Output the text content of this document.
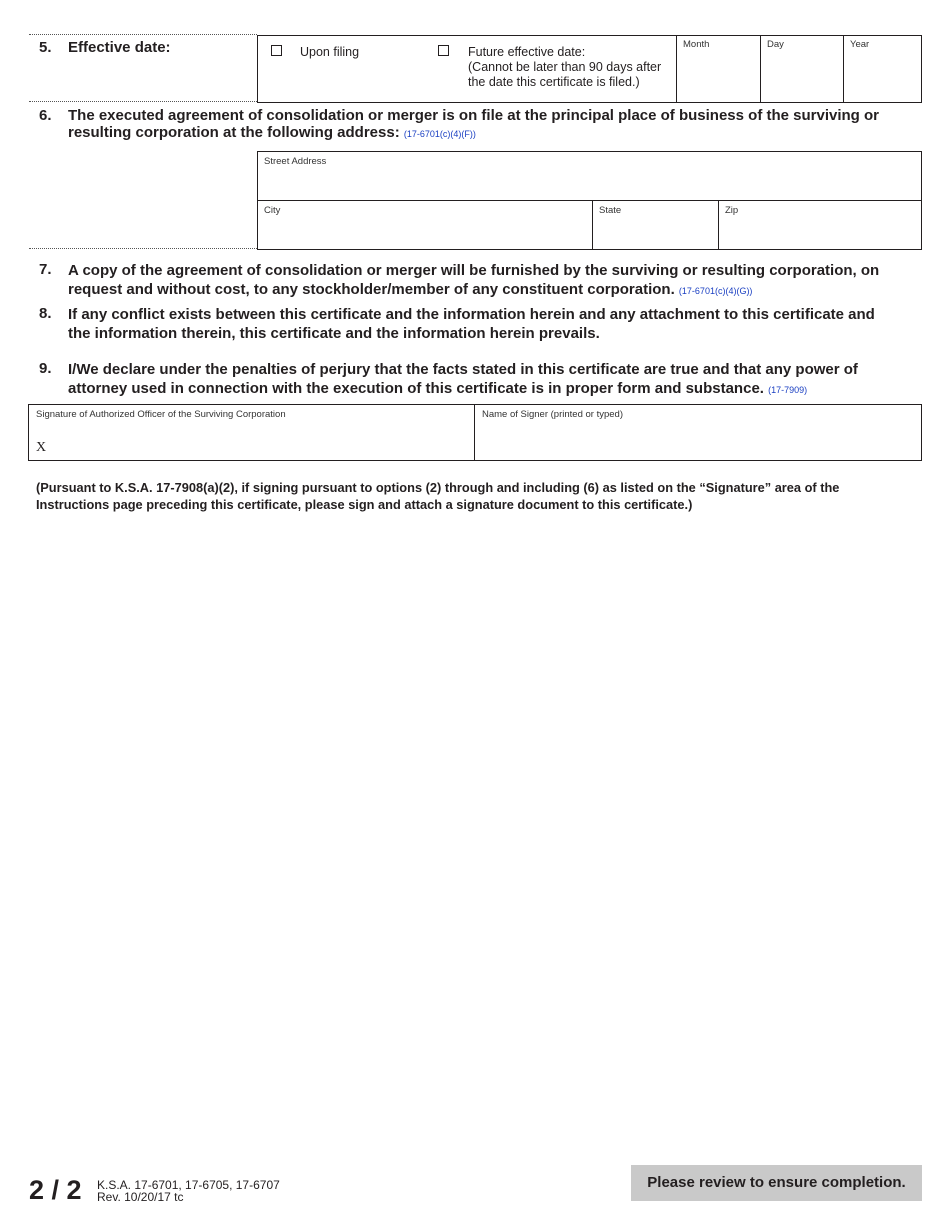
5. Effective date:	Upon filing	Future effective date:
(Cannot be later than 90 days after
the date this certificate is filed.)
Month	Day	Year
6. The executed agreement of consolidation or merger is on file at the principal place of business of the surviving or
resulting corporation at the following address: (17-6701(c)(4)(F))
Street Address
City	State	Zip
7. A copy of the agreement of consolidation or merger will be furnished by the surviving or resulting corporation, on
request and without cost, to any stockholder/member of any constituent corporation. (17-6701(c)(4)(G))
8. If any conflict exists between this certificate and the information herein and any attachment to this certificate and
the information therein, this certificate and the information herein prevails.
9. I/We declare under the penalties of perjury that the facts stated in this certificate are true and that any power of
attorney used in connection with the execution of this certificate is in proper form and substance. (17-7909)
Signature of Authorized Officer of the Surviving Corporation
X
Name of Signer (printed or typed)
(Pursuant to K.S.A. 17-7908(a)(2), if signing pursuant to options (2) through and including (6) as listed on the “Signature” area of the
Instructions page preceding this certificate, please sign and attach a signature document to this certificate.)
2 / 2 K.S.A. 17-6701, 17-6705, 17-6707
Rev. 10/20/17 tc
Please review to ensure completion.
